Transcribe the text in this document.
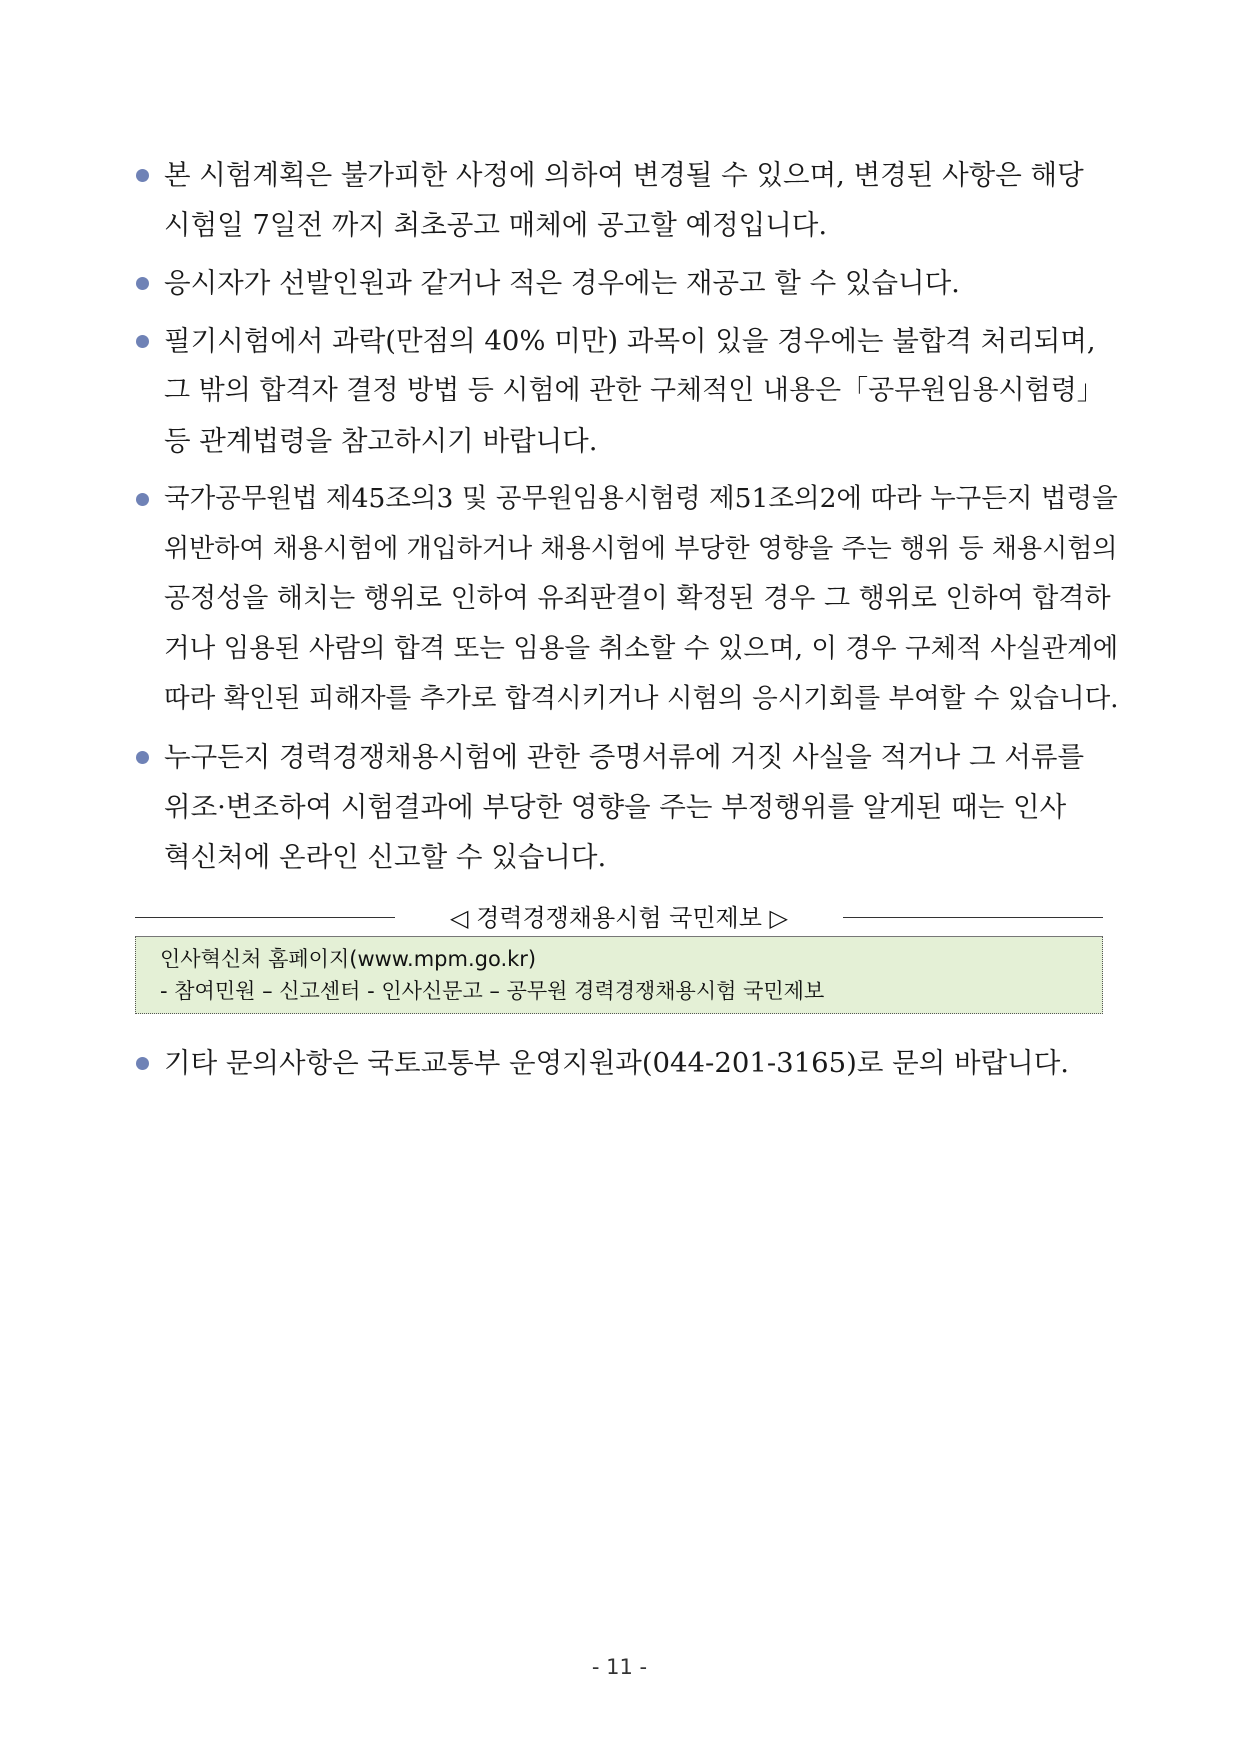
본 시험계획은 불가피한 사정에 의하여 변경될 수 있으며, 변경된 사항은 해당
시험일 7일전 까지 최초공고 매체에 공고할 예정입니다.
응시자가 선발인원과 같거나 적은 경우에는 재공고 할 수 있습니다.
필기시험에서 과락(만점의 40% 미만) 과목이 있을 경우에는 불합격 처리되며,
그 밖의 합격자 결정 방법 등 시험에 관한 구체적인 내용은「공무원임용시험령」
등 관계법령을 참고하시기 바랍니다.
국가공무원법 제45조의3 및 공무원임용시험령 제51조의2에 따라 누구든지 법령을
위반하여 채용시험에 개입하거나 채용시험에 부당한 영향을 주는 행위 등 채용시험의
공정성을 해치는 행위로 인하여 유죄판결이 확정된 경우 그 행위로 인하여 합격하
거나 임용된 사람의 합격 또는 임용을 취소할 수 있으며, 이 경우 구체적 사실관계에
따라 확인된 피해자를 추가로 합격시키거나 시험의 응시기회를 부여할 수 있습니다.
누구든지 경력경쟁채용시험에 관한 증명서류에 거짓 사실을 적거나 그 서류를
위조·변조하여 시험결과에 부당한 영향을 주는 부정행위를 알게된 때는 인사
혁신처에 온라인 신고할 수 있습니다.
◁ 경력경쟁채용시험 국민제보 ▷
인사혁신처 홈페이지(www.mpm.go.kr)
- 참여민원 – 신고센터 - 인사신문고 – 공무원 경력경쟁채용시험 국민제보
기타 문의사항은 국토교통부 운영지원과(044-201-3165)로 문의 바랍니다.
- 11 -
